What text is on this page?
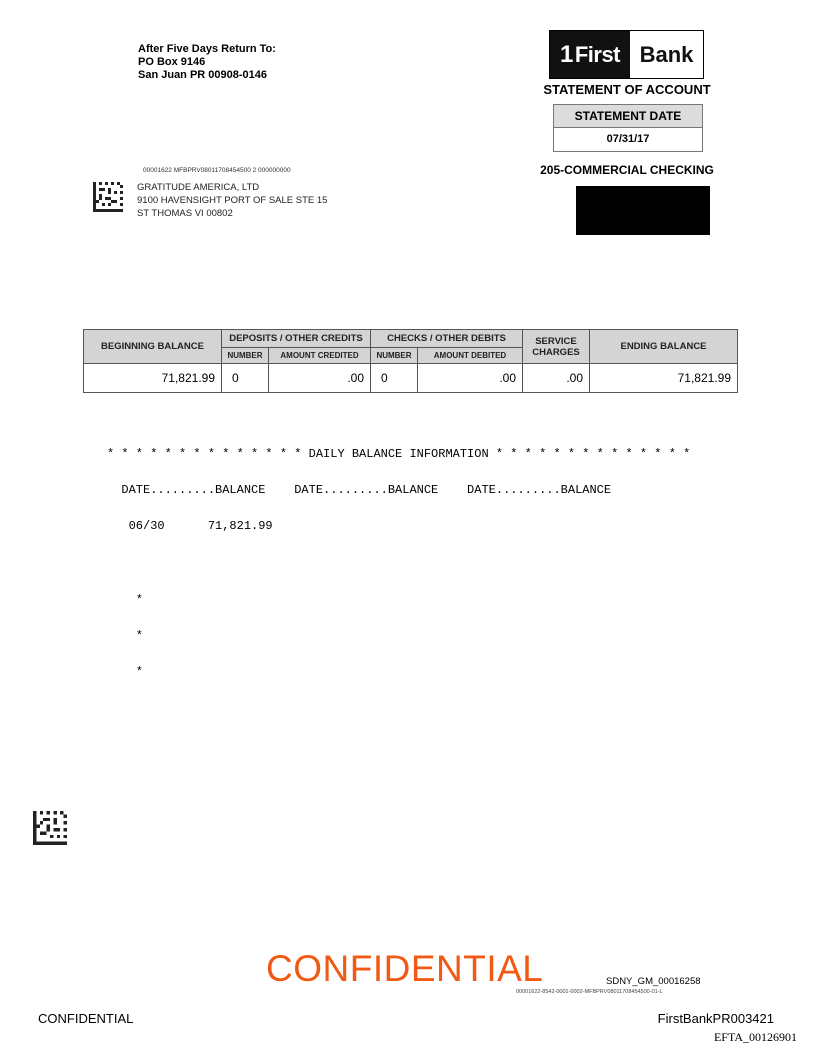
After Five Days Return To:
PO Box 9146
San Juan PR 00908-0146
1 First Bank
STATEMENT OF ACCOUNT
STATEMENT DATE
07/31/17
205-COMMERCIAL CHECKING
00001622 MFBPRV08011708454500 2 000000000
GRATITUDE AMERICA, LTD
9100 HAVENSIGHT PORT OF SALE STE 15
ST THOMAS VI 00802
BEGINNING BALANCE	DEPOSITS / OTHER CREDITS		CHECKS / OTHER DEBITS		SERVICE CHARGES	ENDING BALANCE
	NUMBER	AMOUNT CREDITED	NUMBER	AMOUNT DEBITED		
71,821.99	0	.00	0	.00	.00	71,821.99

* * * * * * * * * * * * * * DAILY BALANCE INFORMATION * * * * * * * * * * * * * *

DATE.........BALANCE    DATE.........BALANCE    DATE.........BALANCE

06/30      71,821.99

*

*

*

CONFIDENTIAL	SDNY_GM_00016258
00001622-8542-0001-0002-MFBPRV08011708454500-01-L
CONFIDENTIAL	FirstBankPR003421
EFTA_00126901
